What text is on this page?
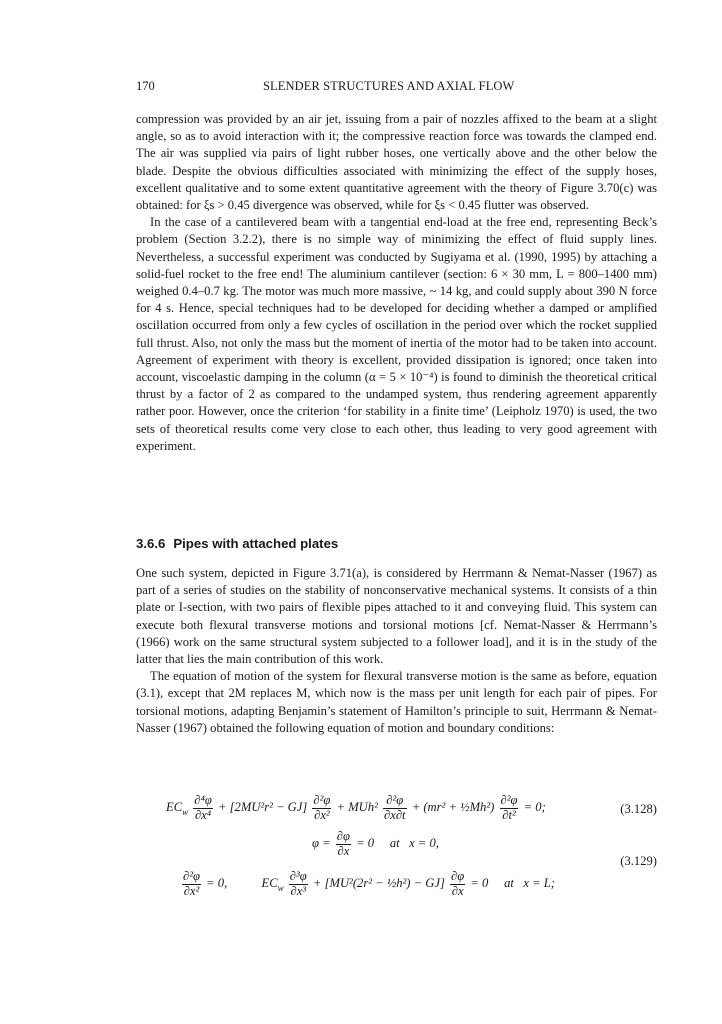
170	SLENDER STRUCTURES AND AXIAL FLOW

compression was provided by an air jet, issuing from a pair of nozzles affixed to the beam at a slight angle, so as to avoid interaction with it; the compressive reaction force was towards the clamped end. The air was supplied via pairs of light rubber hoses, one vertically above and the other below the blade. Despite the obvious difficulties associated with minimizing the effect of the supply hoses, excellent qualitative and to some extent quantitative agreement with the theory of Figure 3.70(c) was obtained: for ξs > 0.45 divergence was observed, while for ξs < 0.45 flutter was observed.

In the case of a cantilevered beam with a tangential end-load at the free end, representing Beck’s problem (Section 3.2.2), there is no simple way of minimizing the effect of fluid supply lines. Nevertheless, a successful experiment was conducted by Sugiyama et al. (1990, 1995) by attaching a solid-fuel rocket to the free end! The aluminium cantilever (section: 6 × 30 mm, L = 800–1400 mm) weighed 0.4–0.7 kg. The motor was much more massive, ~ 14 kg, and could supply about 390 N force for 4 s. Hence, special techniques had to be developed for deciding whether a damped or amplified oscillation occurred from only a few cycles of oscillation in the period over which the rocket supplied full thrust. Also, not only the mass but the moment of inertia of the motor had to be taken into account. Agreement of experiment with theory is excellent, provided dissipation is ignored; once taken into account, viscoelastic damping in the column (α = 5 × 10⁻⁴) is found to diminish the theoretical critical thrust by a factor of 2 as compared to the undamped system, thus rendering agreement apparently rather poor. However, once the criterion ‘for stability in a finite time’ (Leipholz 1970) is used, the two sets of theoretical results come very close to each other, thus leading to very good agreement with experiment.

3.6.6 Pipes with attached plates

One such system, depicted in Figure 3.71(a), is considered by Herrmann & Nemat-Nasser (1967) as part of a series of studies on the stability of nonconservative mechanical systems. It consists of a thin plate or I-section, with two pairs of flexible pipes attached to it and conveying fluid. This system can execute both flexural transverse motions and torsional motions [cf. Nemat-Nasser & Herrmann’s (1966) work on the same structural system subjected to a follower load], and it is in the study of the latter that lies the main contribution of this work.

The equation of motion of the system for flexural transverse motion is the same as before, equation (3.1), except that 2M replaces M, which now is the mass per unit length for each pair of pipes. For torsional motions, adapting Benjamin’s statement of Hamilton’s principle to suit, Herrmann & Nemat-Nasser (1967) obtained the following equation of motion and boundary conditions:

$EC_w \frac{\text{∂⁴φ}}{\text{∂x⁴}} + [2MU^2r^2 - GJ] \frac{\text{∂²φ}}{\text{∂x²}} + MUh^2 \frac{\text{∂²φ}}{\partial x\partial t} + (mr^2$ + ½Mh²) $\frac{\text{∂²φ}}{\text{∂t²}} = 0$;	(3.128)
$\varphi = \frac{\partial\varphi}{\partial x} = 0$     at   x = 0,
(3.129)
$\frac{\text{∂²φ}}{\text{∂x²}} = 0$,	$EC_w \frac{\text{∂³φ}}{\text{∂x³}} + [MU^2(2r^2$ − ½h²) − $GJ] \frac{\partial\varphi}{\partial x} = 0$     at   x = L;
